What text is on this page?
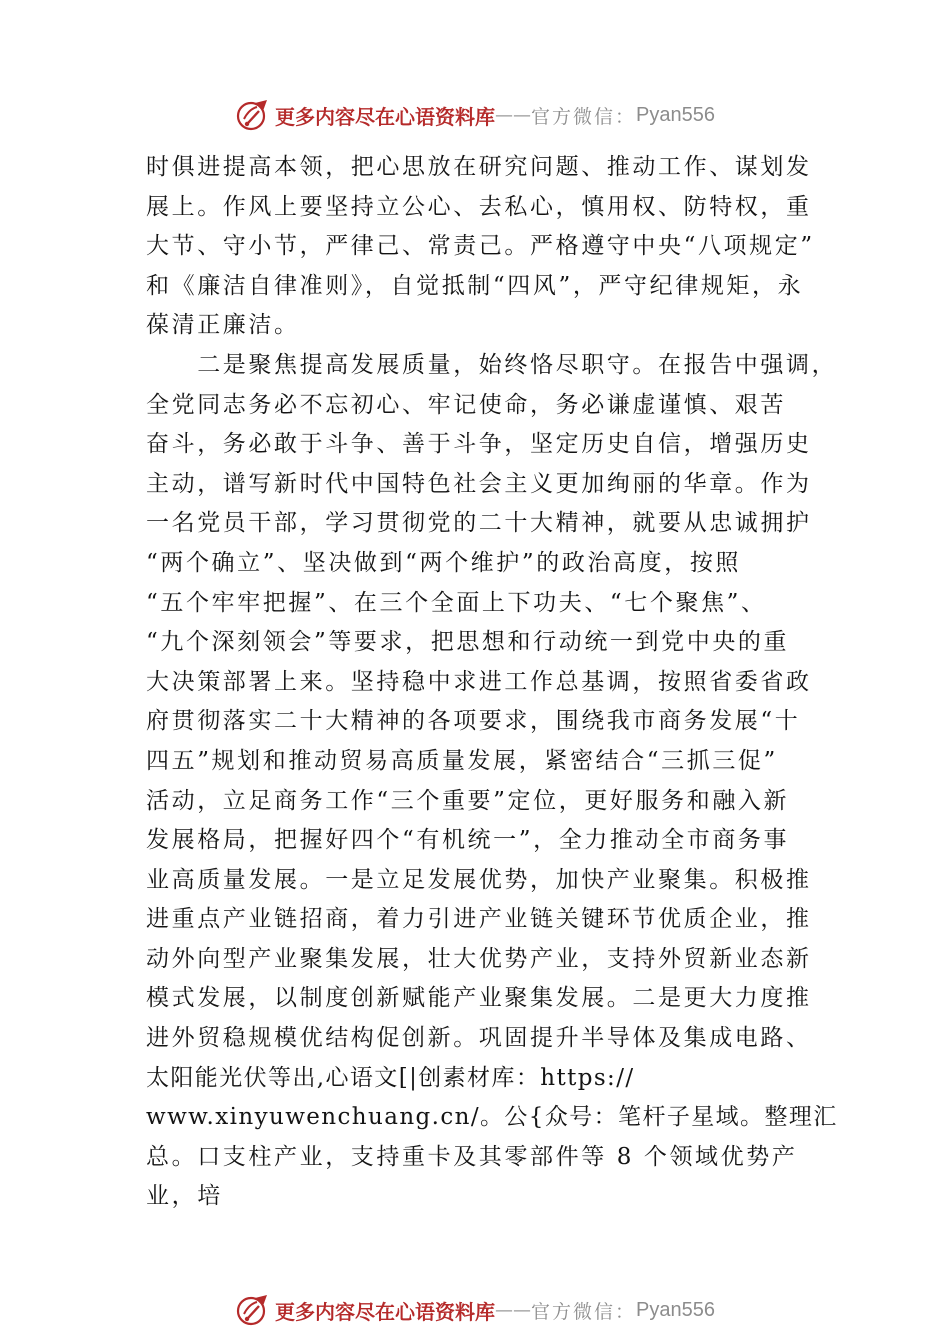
更多内容尽在心语资料库 —— 官方微信： Pyan556
时俱进提高本领，把心思放在研究问题、推动工作、谋划发
展上。作风上要坚持立公心、去私心，慎用权、防特权，重
大节、守小节，严律己、常责己。严格遵守中央“八项规定”
和《廉洁自律准则》，自觉抵制“四风”，严守纪律规矩，永
葆清正廉洁。
　　二是聚焦提高发展质量，始终恪尽职守。在报告中强调，
全党同志务必不忘初心、牢记使命，务必谦虚谨慎、艰苦
奋斗，务必敢于斗争、善于斗争，坚定历史自信，增强历史
主动，谱写新时代中国特色社会主义更加绚丽的华章。作为
一名党员干部，学习贯彻党的二十大精神，就要从忠诚拥护
“两个确立”、坚决做到“两个维护”的政治高度，按照
“五个牢牢把握”、在三个全面上下功夫、“七个聚焦”、
“九个深刻领会”等要求，把思想和行动统一到党中央的重
大决策部署上来。坚持稳中求进工作总基调，按照省委省政
府贯彻落实二十大精神的各项要求，围绕我市商务发展“十
四五”规划和推动贸易高质量发展，紧密结合“三抓三促”
活动，立足商务工作“三个重要”定位，更好服务和融入新
发展格局，把握好四个“有机统一”，全力推动全市商务事
业高质量发展。一是立足发展优势，加快产业聚集。积极推
进重点产业链招商，着力引进产业链关键环节优质企业，推
动外向型产业聚集发展，壮大优势产业，支持外贸新业态新
模式发展，以制度创新赋能产业聚集发展。二是更大力度推
进外贸稳规模优结构促创新。巩固提升半导体及集成电路、
太阳能光伏等出,心语文[|创素材库：https://
www.xinyuwenchuang.cn/。公{众号：笔杆子星域。整理汇
总。口支柱产业，支持重卡及其零部件等 8 个领域优势产
业，培
更多内容尽在心语资料库 —— 官方微信： Pyan556
